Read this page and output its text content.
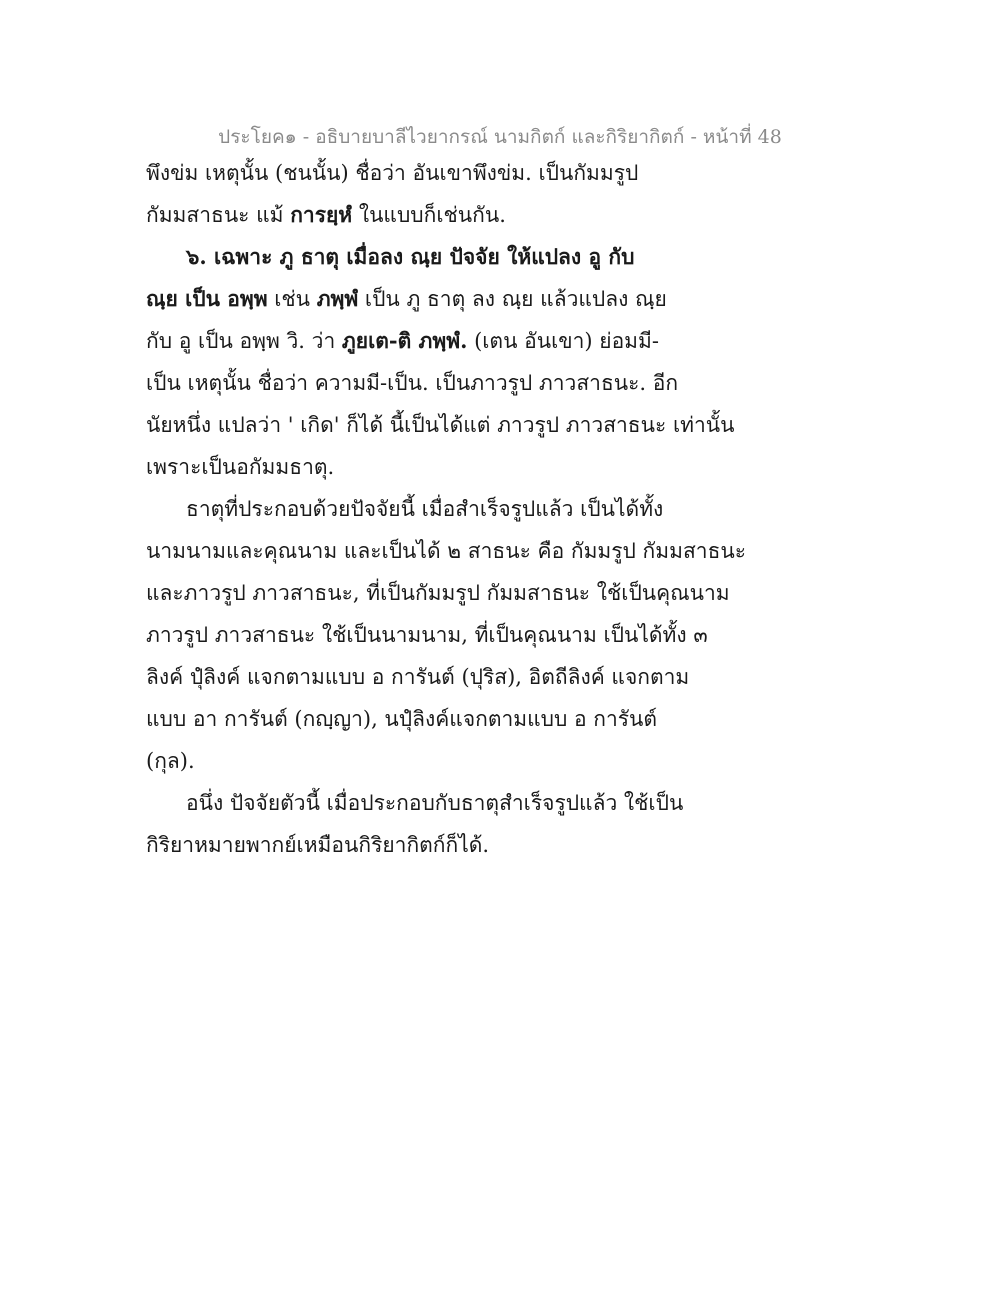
ประโยค๑ - อธิบายบาลีไวยากรณ์ นามกิตก์ และกิริยากิตก์ - หน้าที่ 48
พึงข่ม เหตุนั้น (ชนนั้น) ชื่อว่า อันเขาพึงข่ม. เป็นกัมมรูป
กัมมสาธนะ แม้ การยฺหํ ในแบบก็เช่นกัน.
๖. เฉพาะ ภู ธาตุ เมื่อลง ณฺย ปัจจัย ให้แปลง อู กับ
ณฺย เป็น อพฺพ เช่น ภพฺพํ เป็น ภู ธาตุ ลง ณฺย แล้วแปลง ณฺย
กับ อู เป็น อพฺพ วิ. ว่า ภูยเต-ติ ภพฺพํ. (เตน อันเขา) ย่อมมี-
เป็น เหตุนั้น ชื่อว่า ความมี-เป็น. เป็นภาวรูป ภาวสาธนะ. อีก
นัยหนึ่ง แปลว่า ' เกิด' ก็ได้ นี้เป็นได้แต่ ภาวรูป ภาวสาธนะ เท่านั้น
เพราะเป็นอกัมมธาตุ.
ธาตุที่ประกอบด้วยปัจจัยนี้ เมื่อสำเร็จรูปแล้ว เป็นได้ทั้ง
นามนามและคุณนาม และเป็นได้ ๒ สาธนะ คือ กัมมรูป กัมมสาธนะ
และภาวรูป ภาวสาธนะ, ที่เป็นกัมมรูป กัมมสาธนะ ใช้เป็นคุณนาม
ภาวรูป ภาวสาธนะ ใช้เป็นนามนาม, ที่เป็นคุณนาม เป็นได้ทั้ง ๓
ลิงค์ ปุํลิงค์ แจกตามแบบ อ การันต์ (ปุริส), อิตถีลิงค์ แจกตาม
แบบ อา การันต์ (กญฺญา), นปุํลิงค์แจกตามแบบ อ การันต์
(กุล).
อนึ่ง ปัจจัยตัวนี้ เมื่อประกอบกับธาตุสำเร็จรูปแล้ว ใช้เป็น
กิริยาหมายพากย์เหมือนกิริยากิตก์ก็ได้.
